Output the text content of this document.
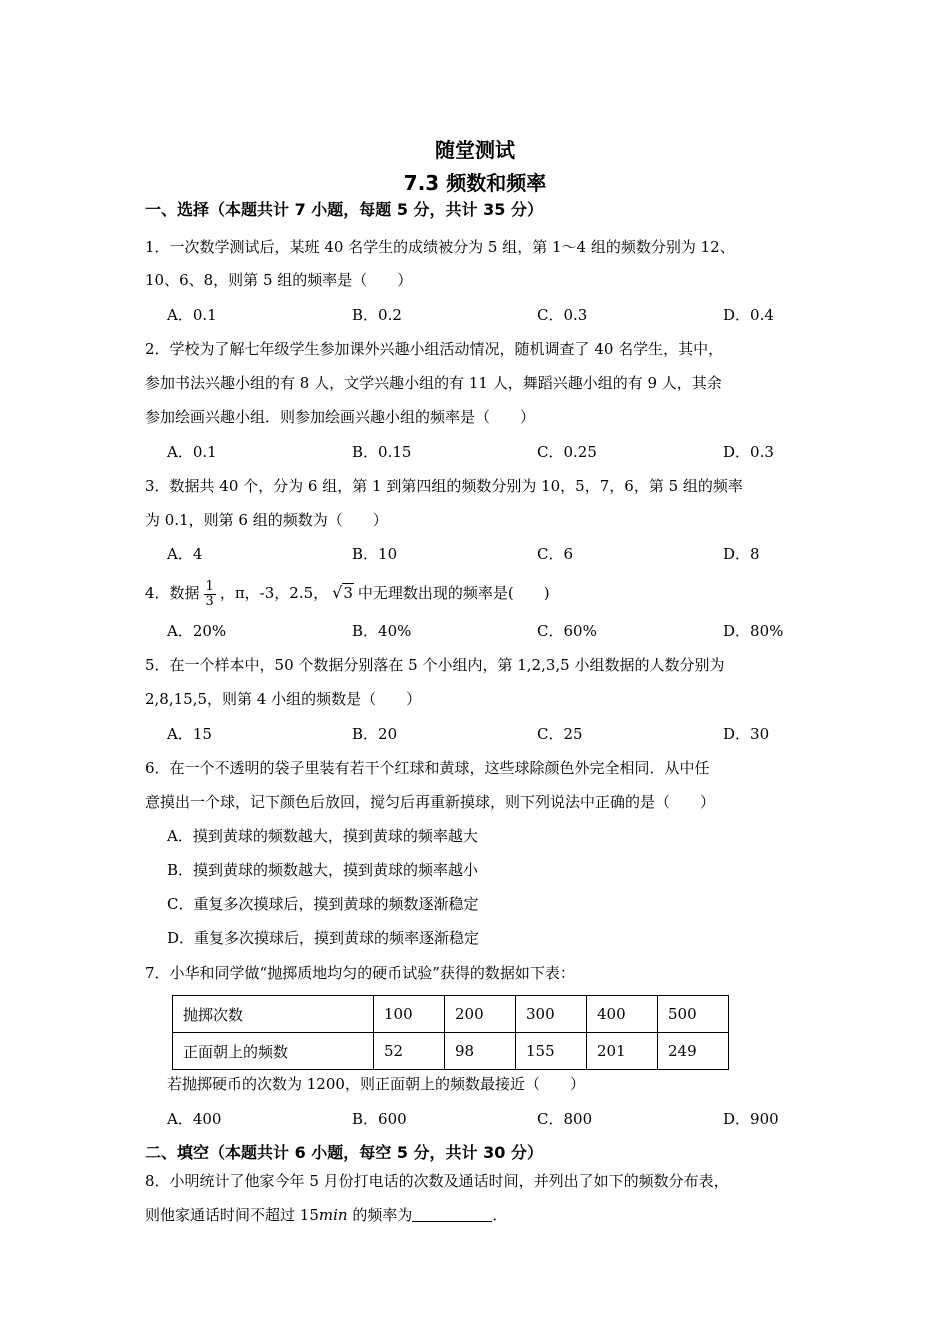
随堂测试
7.3 频数和频率
一、选择（本题共计 7 小题，每题 5 分，共计 35 分）
1．一次数学测试后，某班 40 名学生的成绩被分为 5 组，第 1～4 组的频数分别为 12、
10、6、8，则第 5 组的频率是（　　）
A．0.1	B．0.2	C．0.3	D．0.4
2．学校为了解七年级学生参加课外兴趣小组活动情况，随机调查了 40 名学生，其中，
参加书法兴趣小组的有 8 人，文学兴趣小组的有 11 人，舞蹈兴趣小组的有 9 人，其余
参加绘画兴趣小组．则参加绘画兴趣小组的频率是（　　）
A．0.1	B．0.15	C．0.25	D．0.3
3．数据共 40 个，分为 6 组，第 1 到第四组的频数分别为 10，5，7，6，第 5 组的频率
为 0.1，则第 6 组的频数为（　　）
A．4	B．10	C．6	D．8
4．数据 $\frac{1}{3}$ ，π，-3，2.5， √3 中无理数出现的频率是(　　)
A．20%	B．40%	C．60%	D．80%
5．在一个样本中，50 个数据分别落在 5 个小组内，第 1,2,3,5 小组数据的人数分别为
2,8,15,5，则第 4 小组的频数是（　　）
A．15	B．20	C．25	D．30
6．在一个不透明的袋子里装有若干个红球和黄球，这些球除颜色外完全相同．从中任
意摸出一个球，记下颜色后放回，搅匀后再重新摸球，则下列说法中正确的是（　　）
A．摸到黄球的频数越大，摸到黄球的频率越大
B．摸到黄球的频数越大，摸到黄球的频率越小
C．重复多次摸球后，摸到黄球的频数逐渐稳定
D．重复多次摸球后，摸到黄球的频率逐渐稳定
7．小华和同学做“抛掷质地均匀的硬币试验”获得的数据如下表：
抛掷次数	100	200	300	400	500
正面朝上的频数	52	98	155	201	249
若抛掷硬币的次数为 1200，则正面朝上的频数最接近（　　）
A．400	B．600	C．800	D．900
二、填空（本题共计 6 小题，每空 5 分，共计 30 分）
8．小明统计了他家今年 5 月份打电话的次数及通话时间，并列出了如下的频数分布表，
则他家通话时间不超过 15min 的频率为	．
